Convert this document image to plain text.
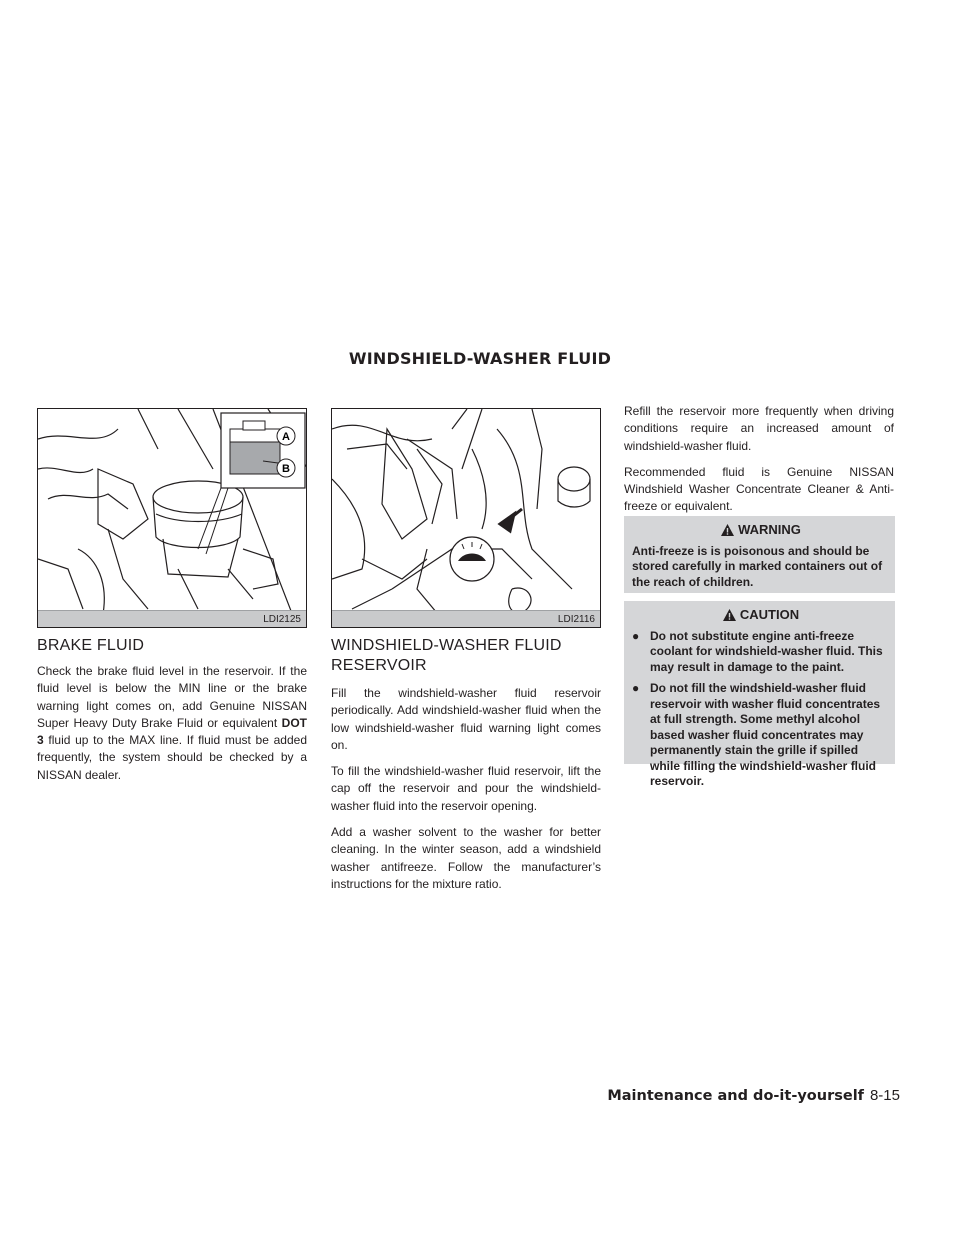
WINDSHIELD-WASHER FLUID
A
B
LDI2125	LDI2116
BRAKE FLUID

Check the brake fluid level in the reservoir. If the fluid level is below the MIN line or the brake warning light comes on, add Genuine NISSAN Super Heavy Duty Brake Fluid or equivalent DOT 3 fluid up to the MAX line. If fluid must be added frequently, the system should be checked by a NISSAN dealer.

WINDSHIELD-WASHER FLUID RESERVOIR

Fill the windshield-washer fluid reservoir periodically. Add windshield-washer fluid when the low windshield-washer fluid warning light comes on.

To fill the windshield-washer fluid reservoir, lift the cap off the reservoir and pour the windshield-washer fluid into the reservoir opening.

Add a washer solvent to the washer for better cleaning. In the winter season, add a windshield washer antifreeze. Follow the manufacturer’s instructions for the mixture ratio.

Refill the reservoir more frequently when driving conditions require an increased amount of windshield-washer fluid.

Recommended fluid is Genuine NISSAN Windshield Washer Concentrate Cleaner & Anti-freeze or equivalent.

WARNING
Anti-freeze is is poisonous and should be stored carefully in marked containers out of the reach of children.
CAUTION
● Do not substitute engine anti-freeze coolant for windshield-washer fluid. This may result in damage to the paint.
● Do not fill the windshield-washer fluid reservoir with washer fluid concentrates at full strength. Some methyl alcohol based washer fluid concentrates may permanently stain the grille if spilled while filling the windshield-washer fluid reservoir.
Maintenance and do-it-yourself 8-15
